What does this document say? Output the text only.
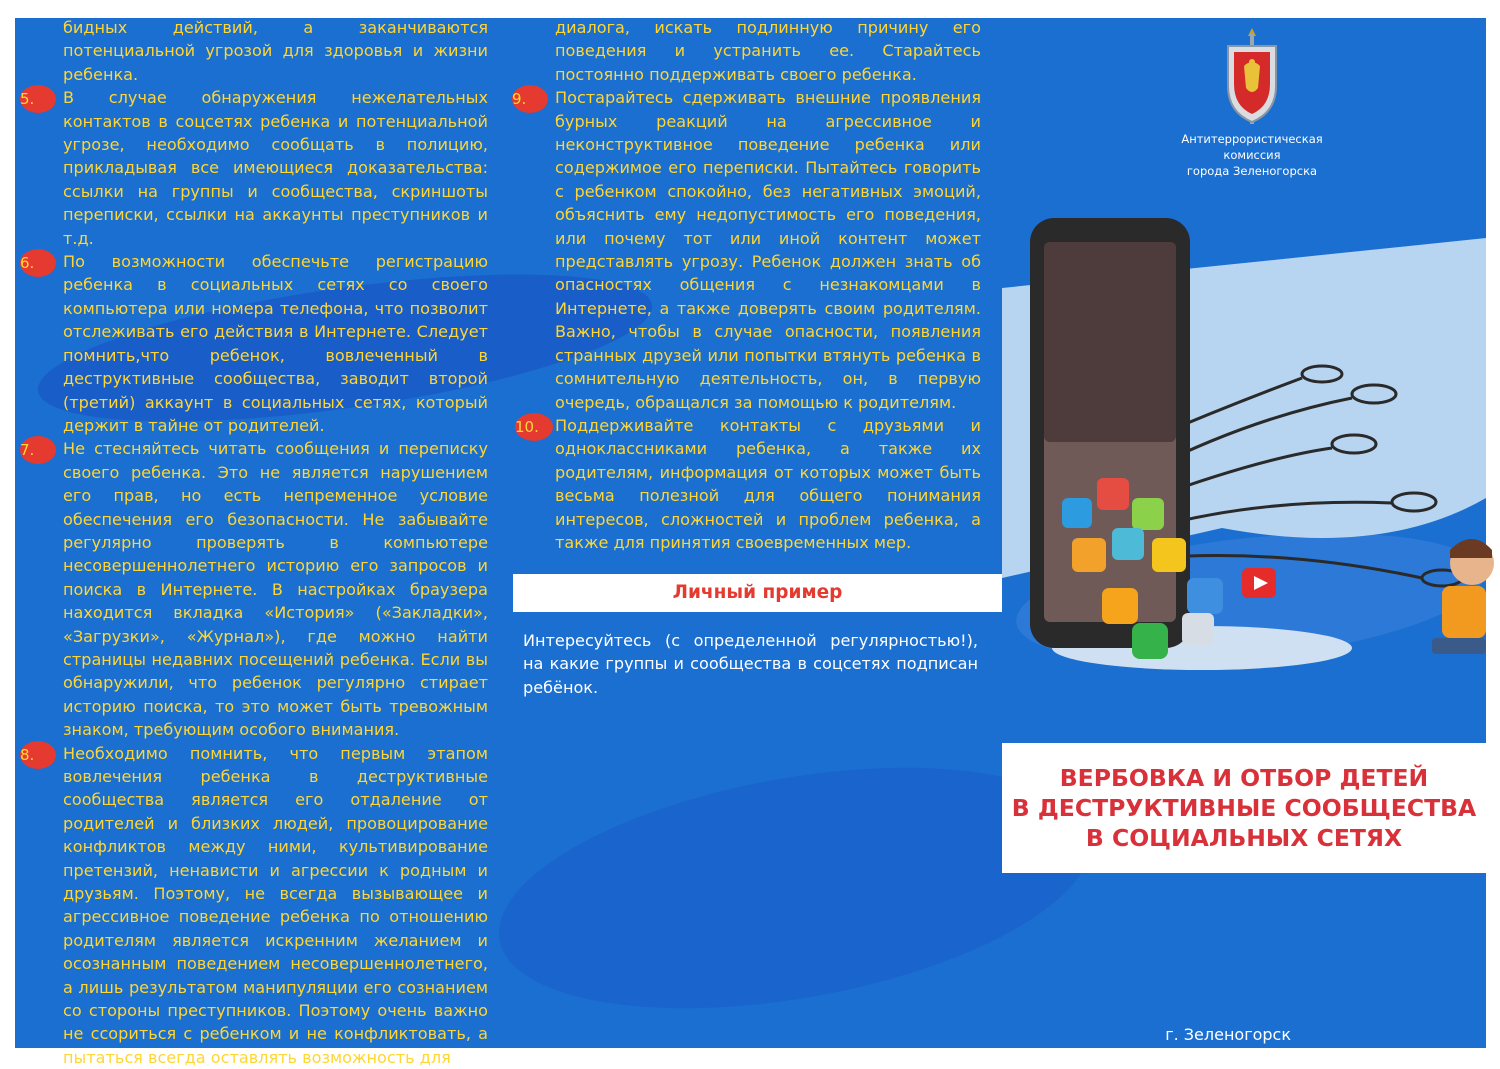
бидных действий, а заканчиваются потенциальной угрозой для здоровья и жизни ребенка.

5.	В случае обнаружения нежелательных контактов в соцсетях ребенка и потенциальной угрозе, необходимо сообщать в полицию, прикладывая все имеющиеся доказательства: ссылки на группы и сообщества, скриншоты переписки, ссылки на аккаунты преступников и т.д.

6.	По возможности обеспечьте регистрацию ребенка в социальных сетях со своего компьютера или номера телефона, что позволит отслеживать его действия в Интернете. Следует помнить,что ребенок, вовлеченный в деструктивные сообщества, заводит второй (третий) аккаунт в социальных сетях, который держит в тайне от родителей.

7.	Не стесняйтесь читать сообщения и переписку своего ребенка. Это не является нарушением его прав, но есть непременное условие обеспечения его безопасности. Не забывайте регулярно проверять в компьютере несовершеннолетнего историю его запросов и поиска в Интернете. В настройках браузера находится вкладка «История» («Закладки», «Загрузки», «Журнал»), где можно найти страницы недавних посещений ребенка. Если вы обнаружили, что ребенок регулярно стирает историю поиска, то это может быть тревожным знаком, требующим особого внимания.

8.	Необходимо помнить, что первым этапом вовлечения ребенка в деструктивные сообщества является его отдаление от родителей и близких людей, провоцирование конфликтов между ними, культивирование претензий, ненависти и агрессии к родным и друзьям. Поэтому, не всегда вызывающее и агрессивное поведение ребенка по отношению родителям является искренним желанием и осознанным поведением несовершеннолетнего, а лишь результатом манипуляции его сознанием со стороны преступников. Поэтому очень важно не ссориться с ребенком и не конфликтовать, а пытаться всегда оставлять возможность для

диалога, искать подлинную причину его поведения и устранить ее. Старайтесь постоянно поддерживать своего ребенка.

9.	Постарайтесь сдерживать внешние проявления бурных реакций на агрессивное и неконструктивное поведение ребенка или содержимое его переписки. Пытайтесь говорить с ребенком спокойно, без негативных эмоций, объяснить ему недопустимость его поведения, или почему тот или иной контент может представлять угрозу. Ребенок должен знать об опасностях общения с незнакомцами в Интернете, а также доверять своим родителям. Важно, чтобы в случае опасности, появления странных друзей или попытки втянуть ребенка в сомнительную деятельность, он, в первую очередь, обращался за помощью к родителям.

10.	Поддерживайте контакты с друзьями и одноклассниками ребенка, а также их родителям, информация от которых может быть весьма полезной для общего понимания интересов, сложностей и проблем ребенка, а также для принятия своевременных мер.

Личный пример
Интересуйтесь (с определенной регулярностью!), на какие группы и сообщества в соцсетях подписан ребёнок.
Антитеррористическая
комиссия
города Зеленогорска
ВЕРБОВКА И ОТБОР ДЕТЕЙ
В ДЕСТРУКТИВНЫЕ СООБЩЕСТВА
В СОЦИАЛЬНЫХ СЕТЯХ
г. Зеленогорск
